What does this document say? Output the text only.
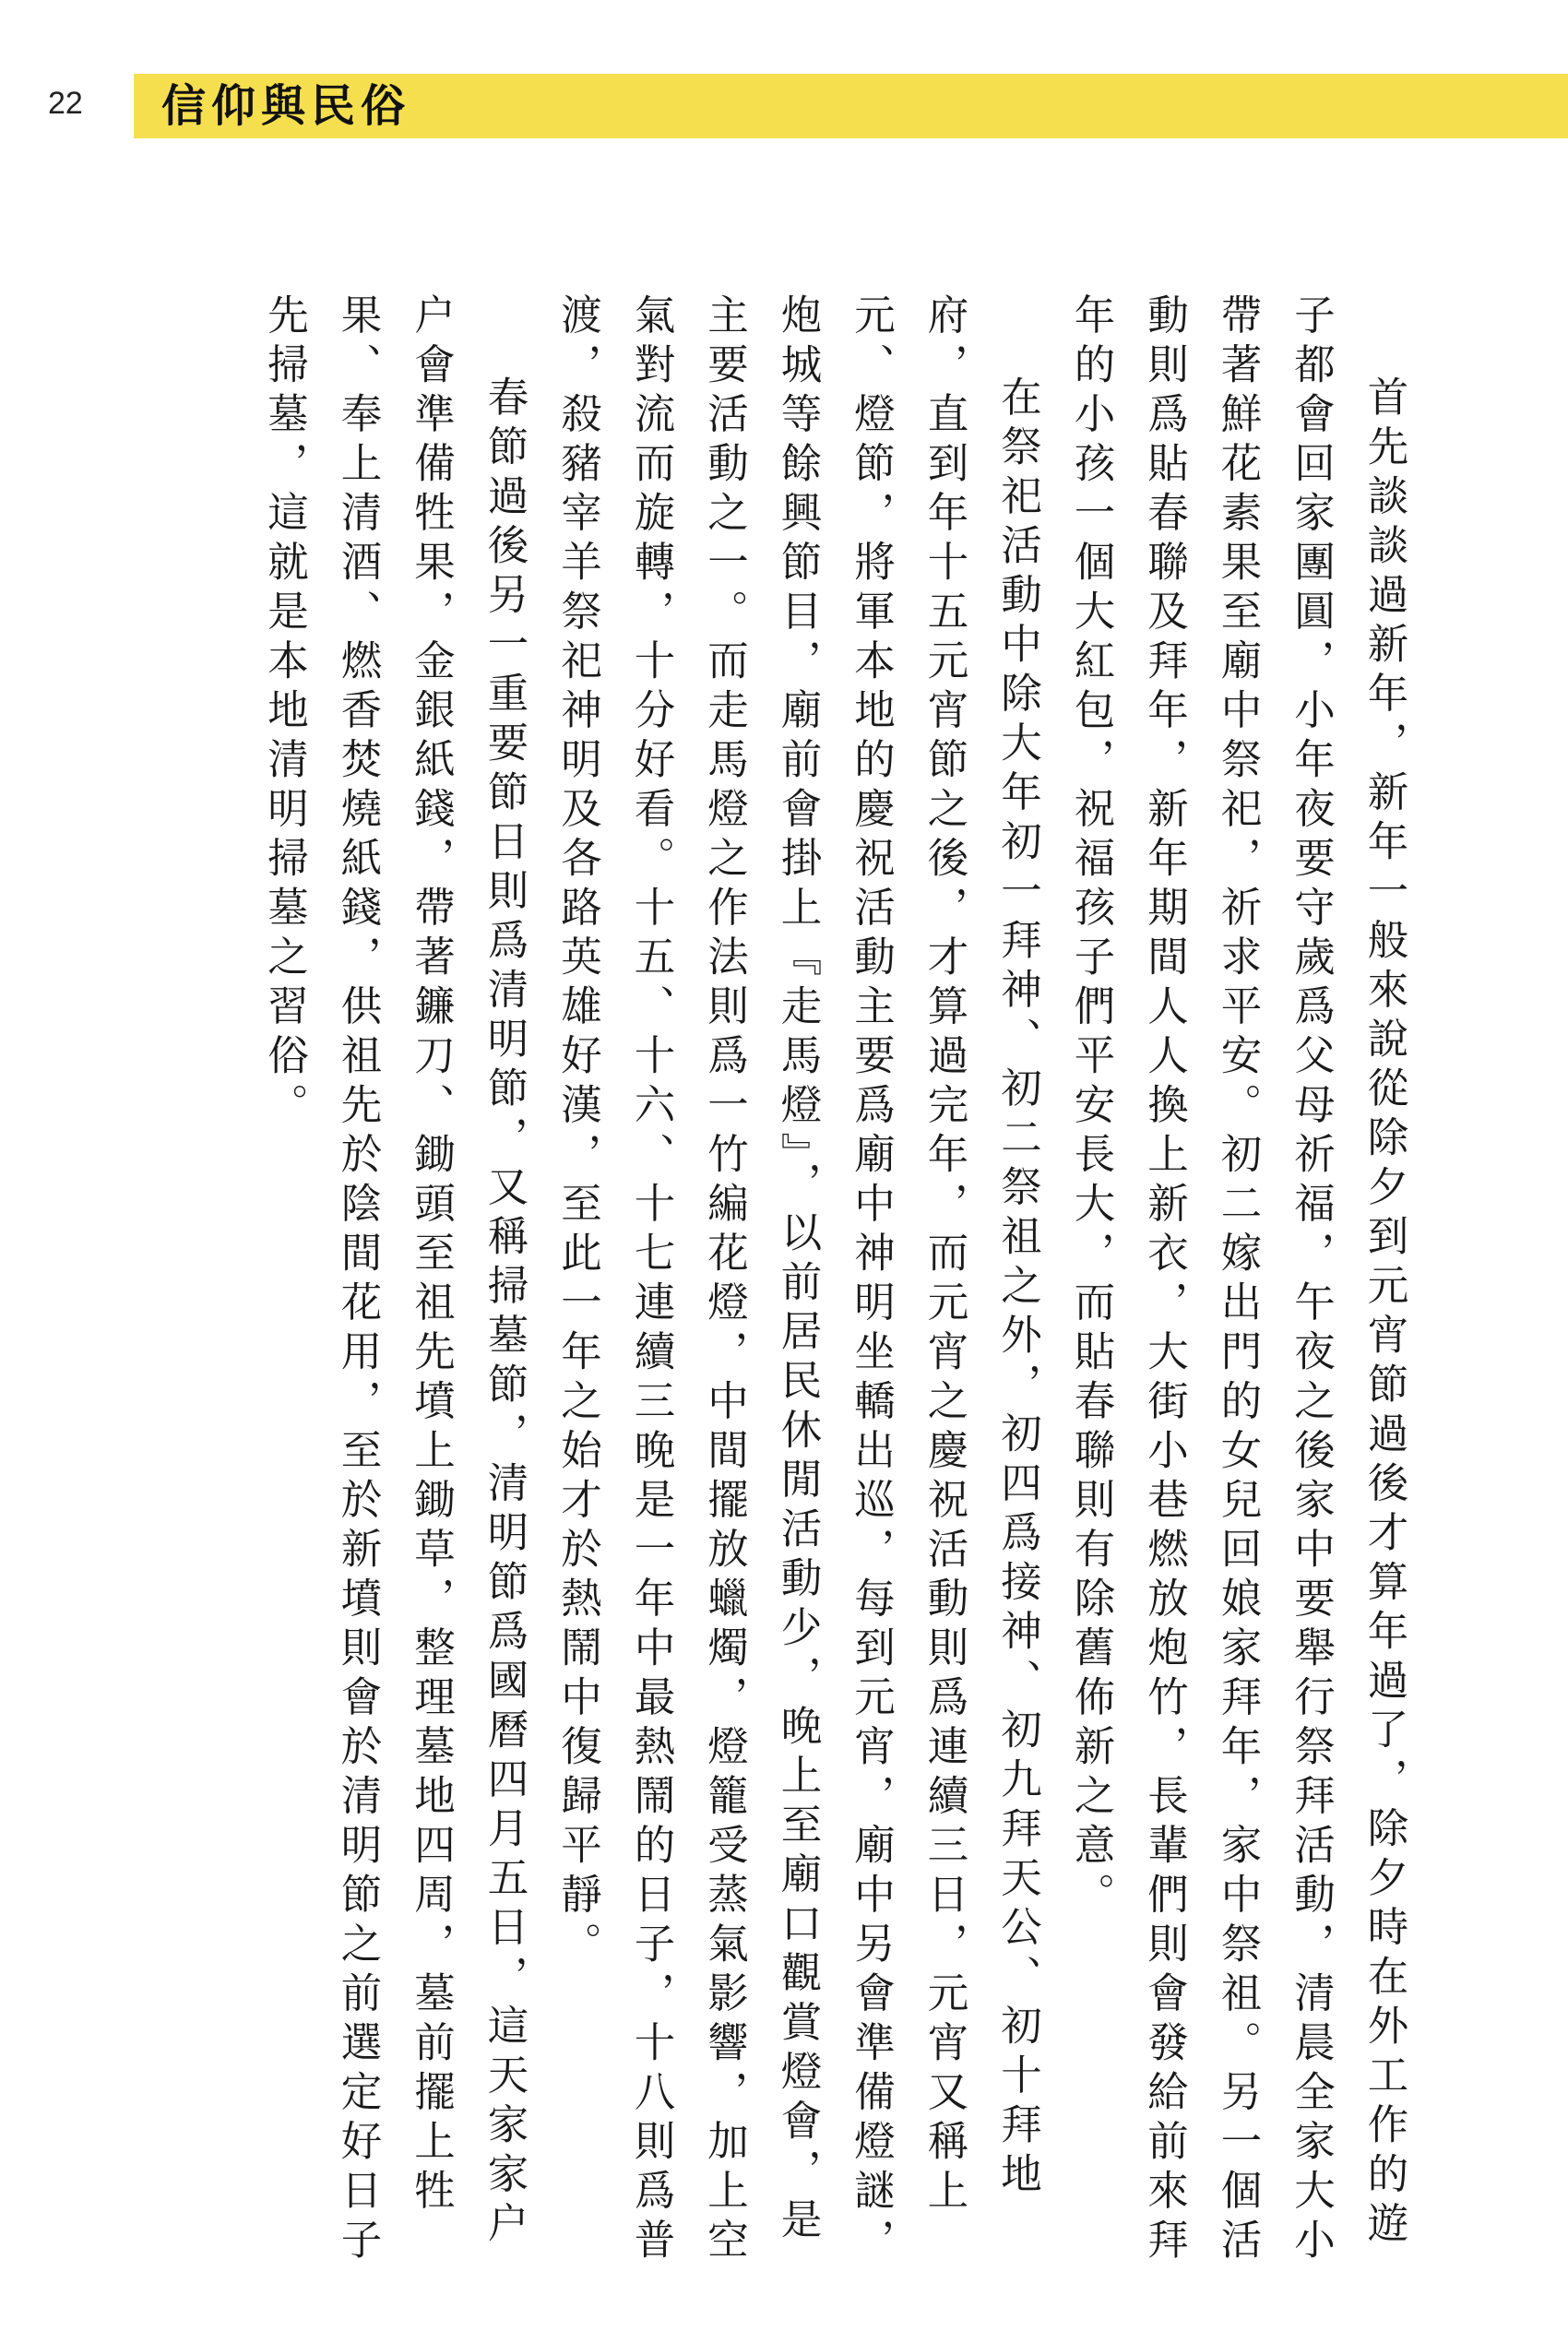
22 信仰與民俗

首先談談過新年，新年一般來說從除夕到元宵節過後才算年過了，除夕時在外工作的遊子都會回家團圓，小年夜要守歲爲父母祈福，午夜之後家中要舉行祭拜活動，清晨全家大小帶著鮮花素果至廟中祭祀，祈求平安。初二嫁出門的女兒回娘家拜年，家中祭祖。另一個活動則爲貼春聯及拜年，新年期間人人換上新衣，大街小巷燃放炮竹，長輩們則會發給前來拜年的小孩一個大紅包，祝福孩子們平安長大，而貼春聯則有除舊佈新之意。

在祭祀活動中除大年初一拜神、初二祭祖之外，初四爲接神、初九拜天公、初十拜地府，直到年十五元宵節之後，才算過完年，而元宵之慶祝活動則爲連續三日，元宵又稱上元、燈節，將軍本地的慶祝活動主要爲廟中神明坐轎出巡，每到元宵，廟中另會準備燈謎，炮城等餘興節目，廟前會掛上『走馬燈』，以前居民休閒活動少，晚上至廟口觀賞燈會，是主要活動之一。而走馬燈之作法則爲一竹編花燈，中間擺放蠟燭，燈籠受蒸氣影響，加上空氣對流而旋轉，十分好看。十五、十六、十七連續三晚是一年中最熱鬧的日子，十八則爲普渡，殺豬宰羊祭祀神明及各路英雄好漢，至此一年之始才於熱鬧中復歸平靜。

春節過後另一重要節日則爲清明節，又稱掃墓節，清明節爲國曆四月五日，這天家家户户會準備牲果，金銀紙錢，帶著鐮刀、鋤頭至祖先墳上鋤草，整理墓地四周，墓前擺上牲果、奉上清酒、燃香焚燒紙錢，供祖先於陰間花用，至於新墳則會於清明節之前選定好日子先掃墓，這就是本地清明掃墓之習俗。
